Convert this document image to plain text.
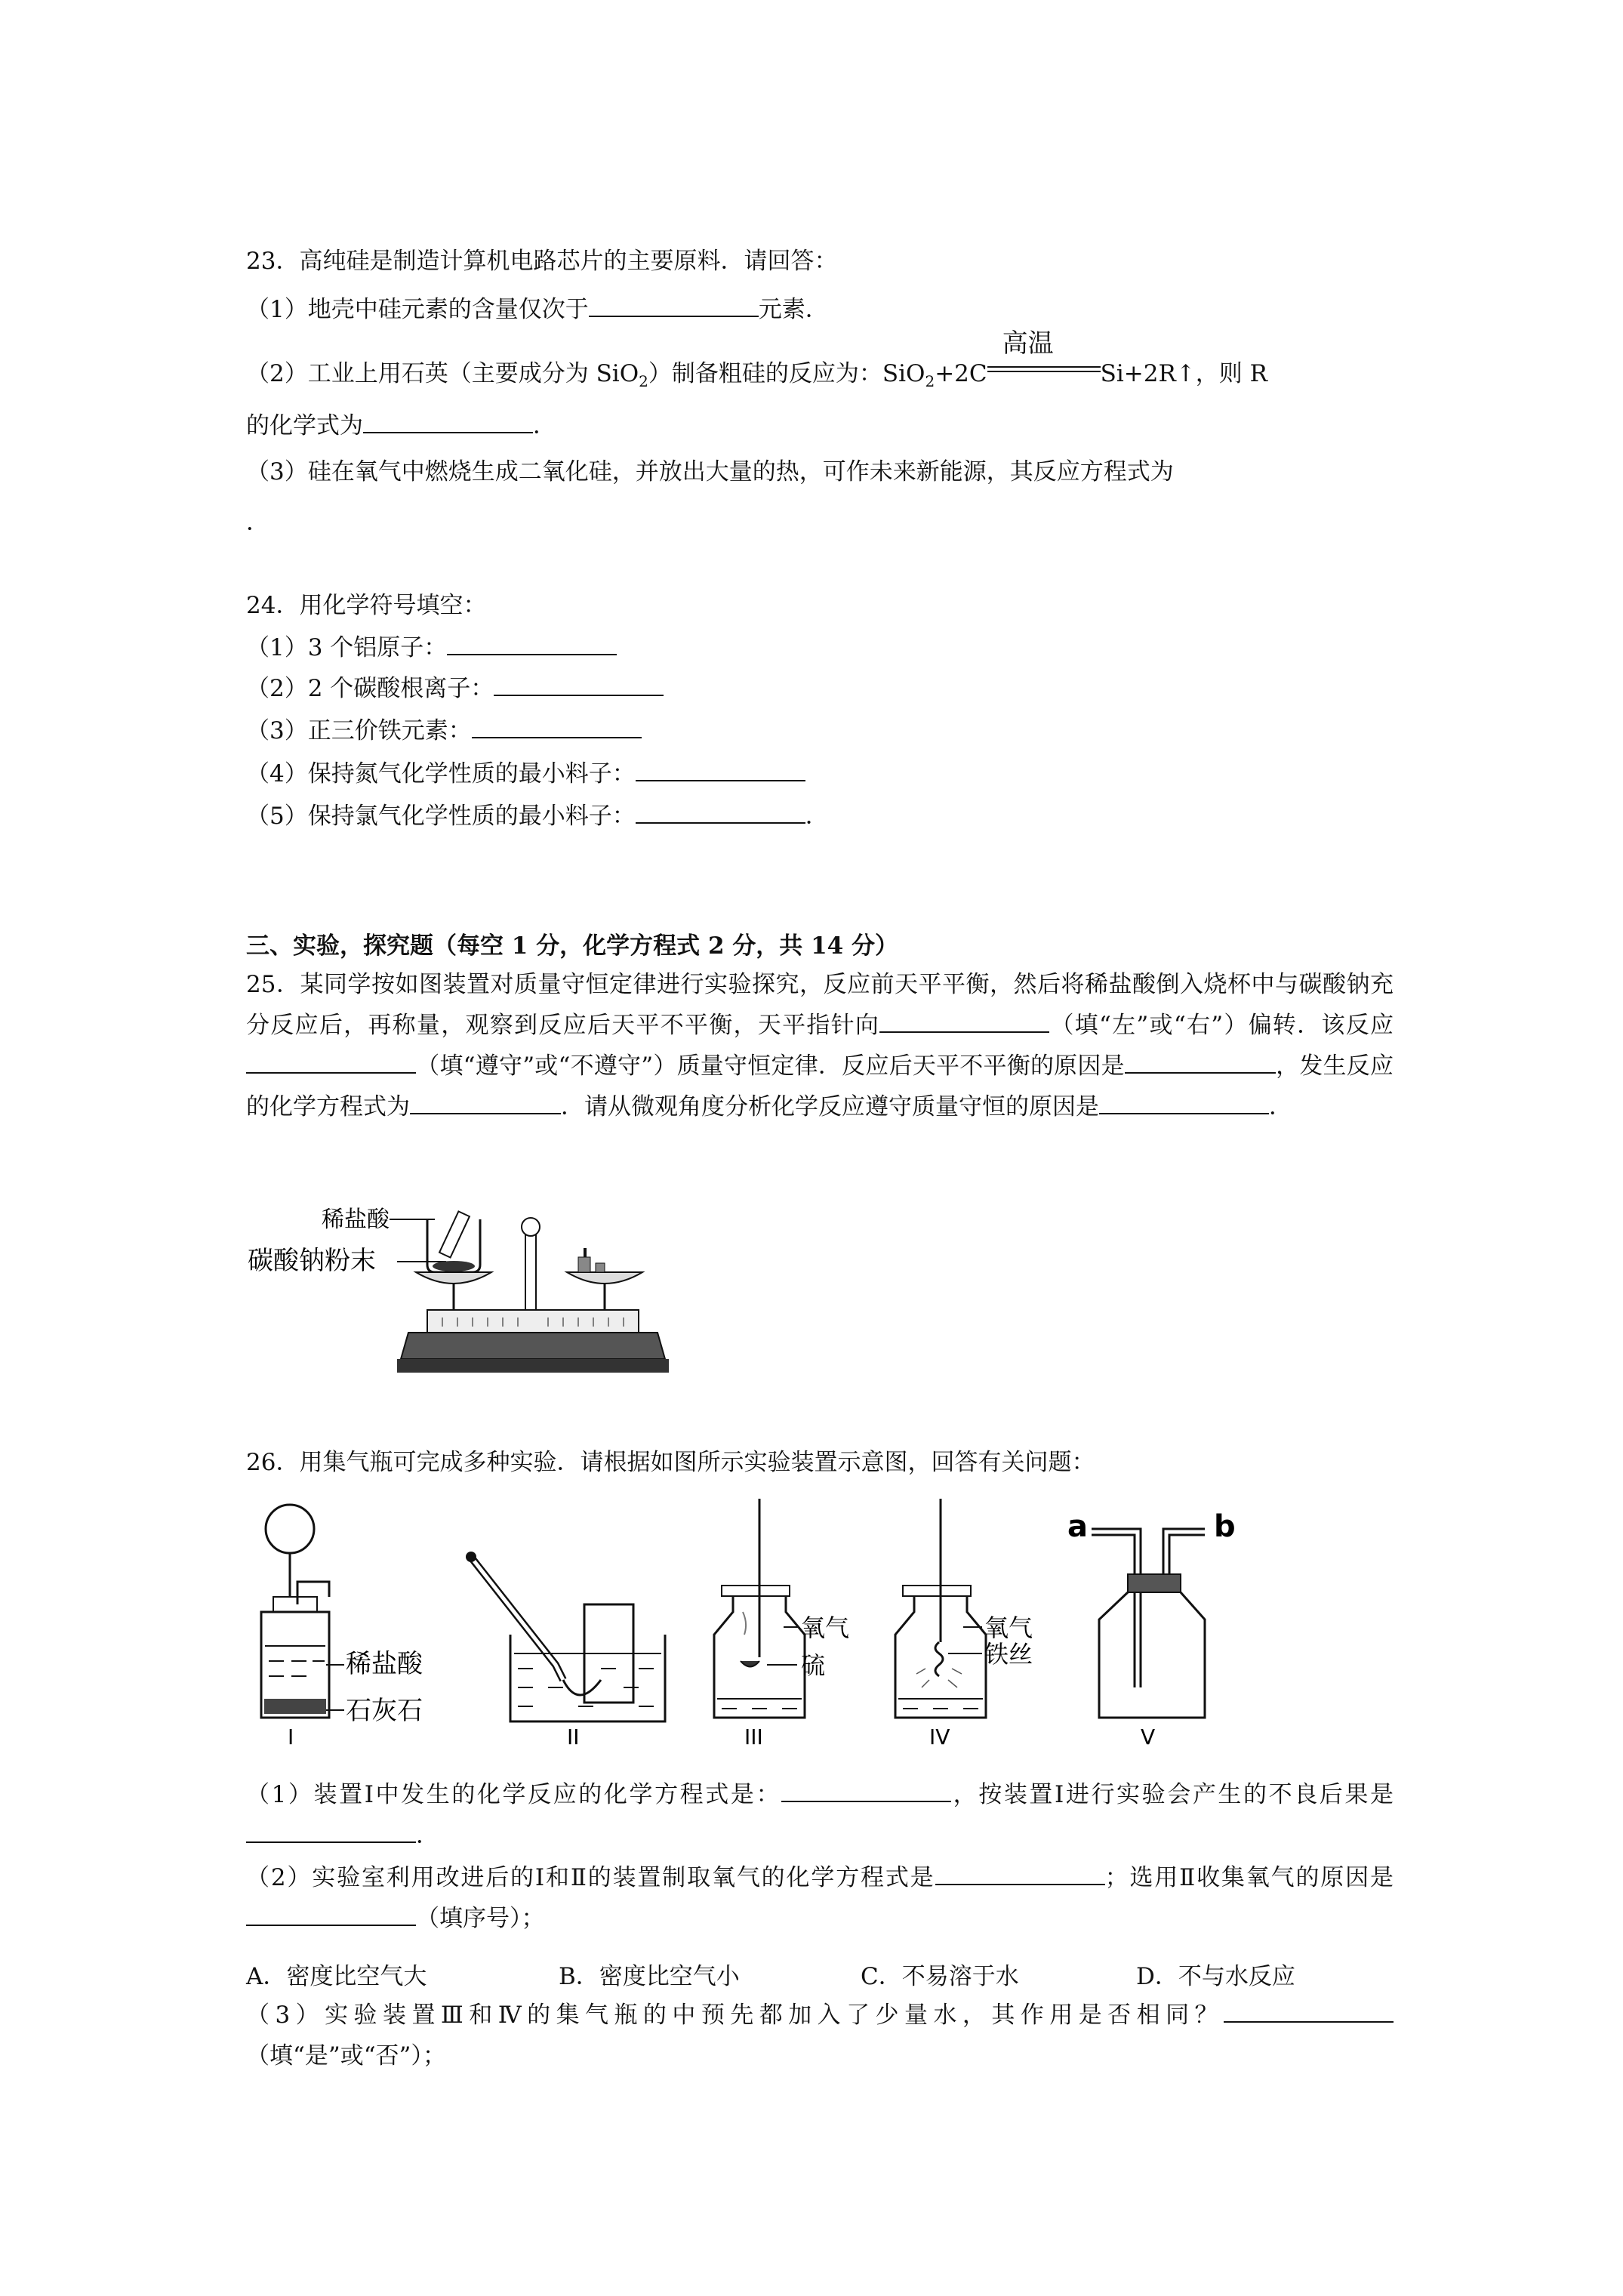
23．高纯硅是制造计算机电路芯片的主要原料．请回答：
（1）地壳中硅元素的含量仅次于	元素．
（2）工业上用石英（主要成分为 SiO$_2$）制备粗硅的反应为：SiO$_2$+2C
高温
Si+2R↑，则 R
的化学式为	．
（3）硅在氧气中燃烧生成二氧化硅，并放出大量的热，可作未来新能源，其反应方程式为
．
24．用化学符号填空：
（1）3 个铝原子：
（2）2 个碳酸根离子：
（3）正三价铁元素：
（4）保持氮气化学性质的最小料子：
（5）保持氯气化学性质的最小料子：	．
三、实验，探究题（每空 1 分，化学方程式 2 分，共 14 分）
25．某同学按如图装置对质量守恒定律进行实验探究，反应前天平平衡，然后将稀盐酸倒入烧杯中与碳酸钠充分反应后，再称量，观察到反应后天平不平衡，天平指针向	（填“左”或“右”）偏转．该反应（填“遵守”或“不遵守”）质量守恒定律．反应后天平不平衡的原因是	，发生反应的化学方程式为	．请从微观角度分析化学反应遵守质量守恒的原因是	．
稀盐酸
碳酸钠粉末
26．用集气瓶可完成多种实验．请根据如图所示实验装置示意图，回答有关问题：
稀盐酸
石灰石
I	II
氧气
硫
III
氧气
铁丝
IV
a	b
V
（1）装置Ⅰ中发生的化学反应的化学方程式是：	，按装置Ⅰ进行实验会产生的不良后果是．
（2）实验室利用改进后的Ⅰ和Ⅱ的装置制取氧气的化学方程式是	；选用Ⅱ收集氧气的原因是（填序号）；
A．密度比空气大	B．密度比空气小	C．不易溶于水	D．不与水反应
（3）实验装置Ⅲ和Ⅳ的集气瓶的中预先都加入了少量水，其作用是否相同？（填“是”或“否”）；
